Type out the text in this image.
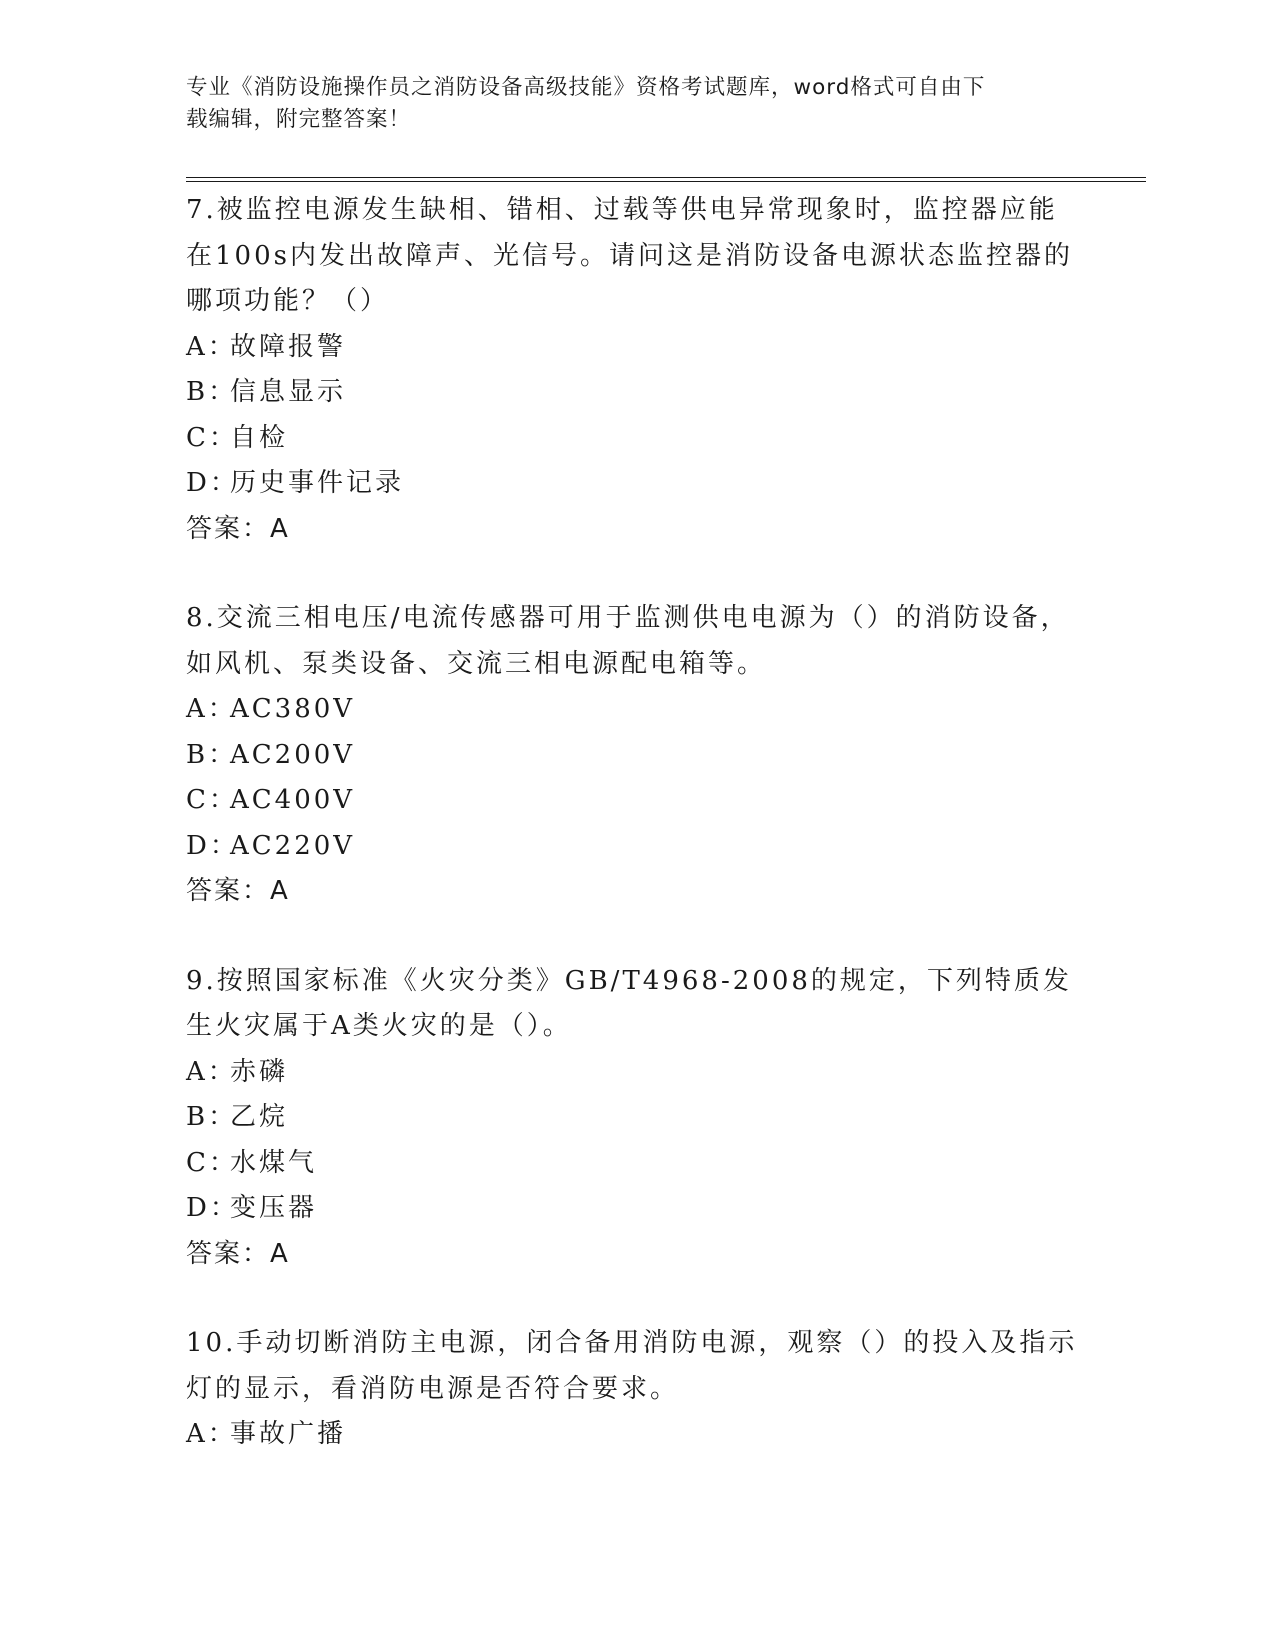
专业《消防设施操作员之消防设备高级技能》资格考试题库，word格式可自由下
载编辑，附完整答案！

7.被监控电源发生缺相、错相、过载等供电异常现象时，监控器应能在100s内发出故障声、光信号。请问这是消防设备电源状态监控器的哪项功能？（）

A：故障报警

B：信息显示

C：自检

D：历史事件记录

答案：A

8.交流三相电压/电流传感器可用于监测供电电源为（）的消防设备，如风机、泵类设备、交流三相电源配电箱等。

A：AC380V

B：AC200V

C：AC400V

D：AC220V

答案：A

9.按照国家标准《火灾分类》GB/T4968-2008的规定，下列特质发生火灾属于A类火灾的是（）。

A：赤磷

B：乙烷

C：水煤气

D：变压器

答案：A

10.手动切断消防主电源，闭合备用消防电源，观察（）的投入及指示灯的显示，看消防电源是否符合要求。

A：事故广播
